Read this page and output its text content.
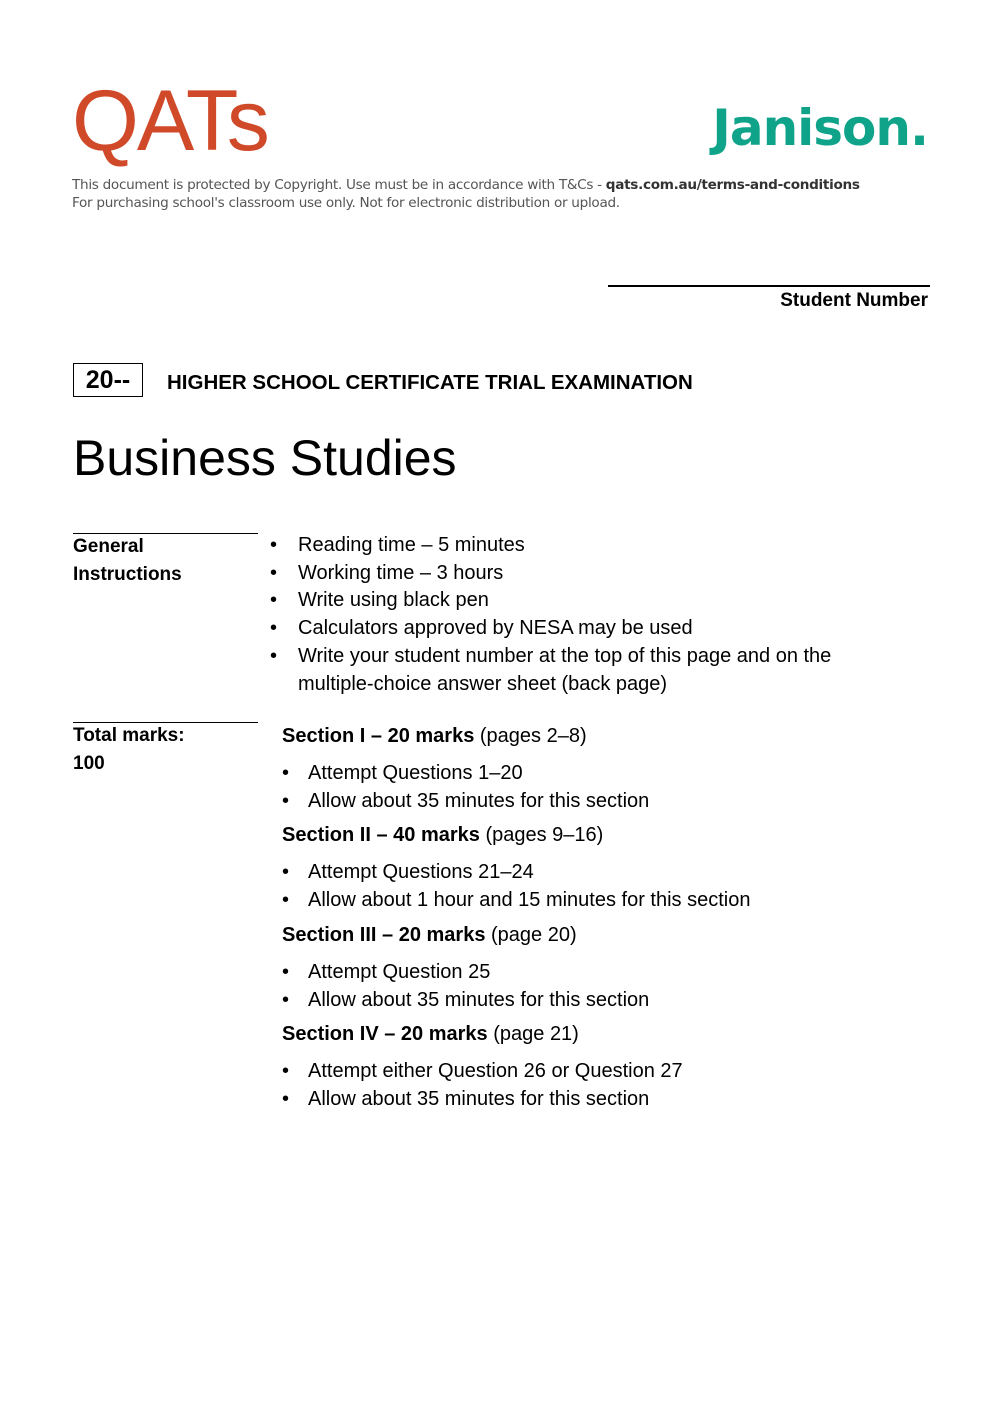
QATs	Janison.
This document is protected by Copyright. Use must be in accordance with T&Cs - qats.com.au/terms-and-conditions
For purchasing school's classroom use only. Not for electronic distribution or upload.
Student Number
20--	HIGHER SCHOOL CERTIFICATE TRIAL EXAMINATION
Business Studies
General
Instructions
• Reading time – 5 minutes
• Working time – 3 hours
• Write using black pen
• Calculators approved by NESA may be used
• Write your student number at the top of this page and on the multiple-choice answer sheet (back page)
Total marks:
100
Section I – 20 marks (pages 2–8)
• Attempt Questions 1–20
• Allow about 35 minutes for this section
Section II – 40 marks (pages 9–16)
• Attempt Questions 21–24
• Allow about 1 hour and 15 minutes for this section
Section III – 20 marks (page 20)
• Attempt Question 25
• Allow about 35 minutes for this section
Section IV – 20 marks (page 21)
• Attempt either Question 26 or Question 27
• Allow about 35 minutes for this section
